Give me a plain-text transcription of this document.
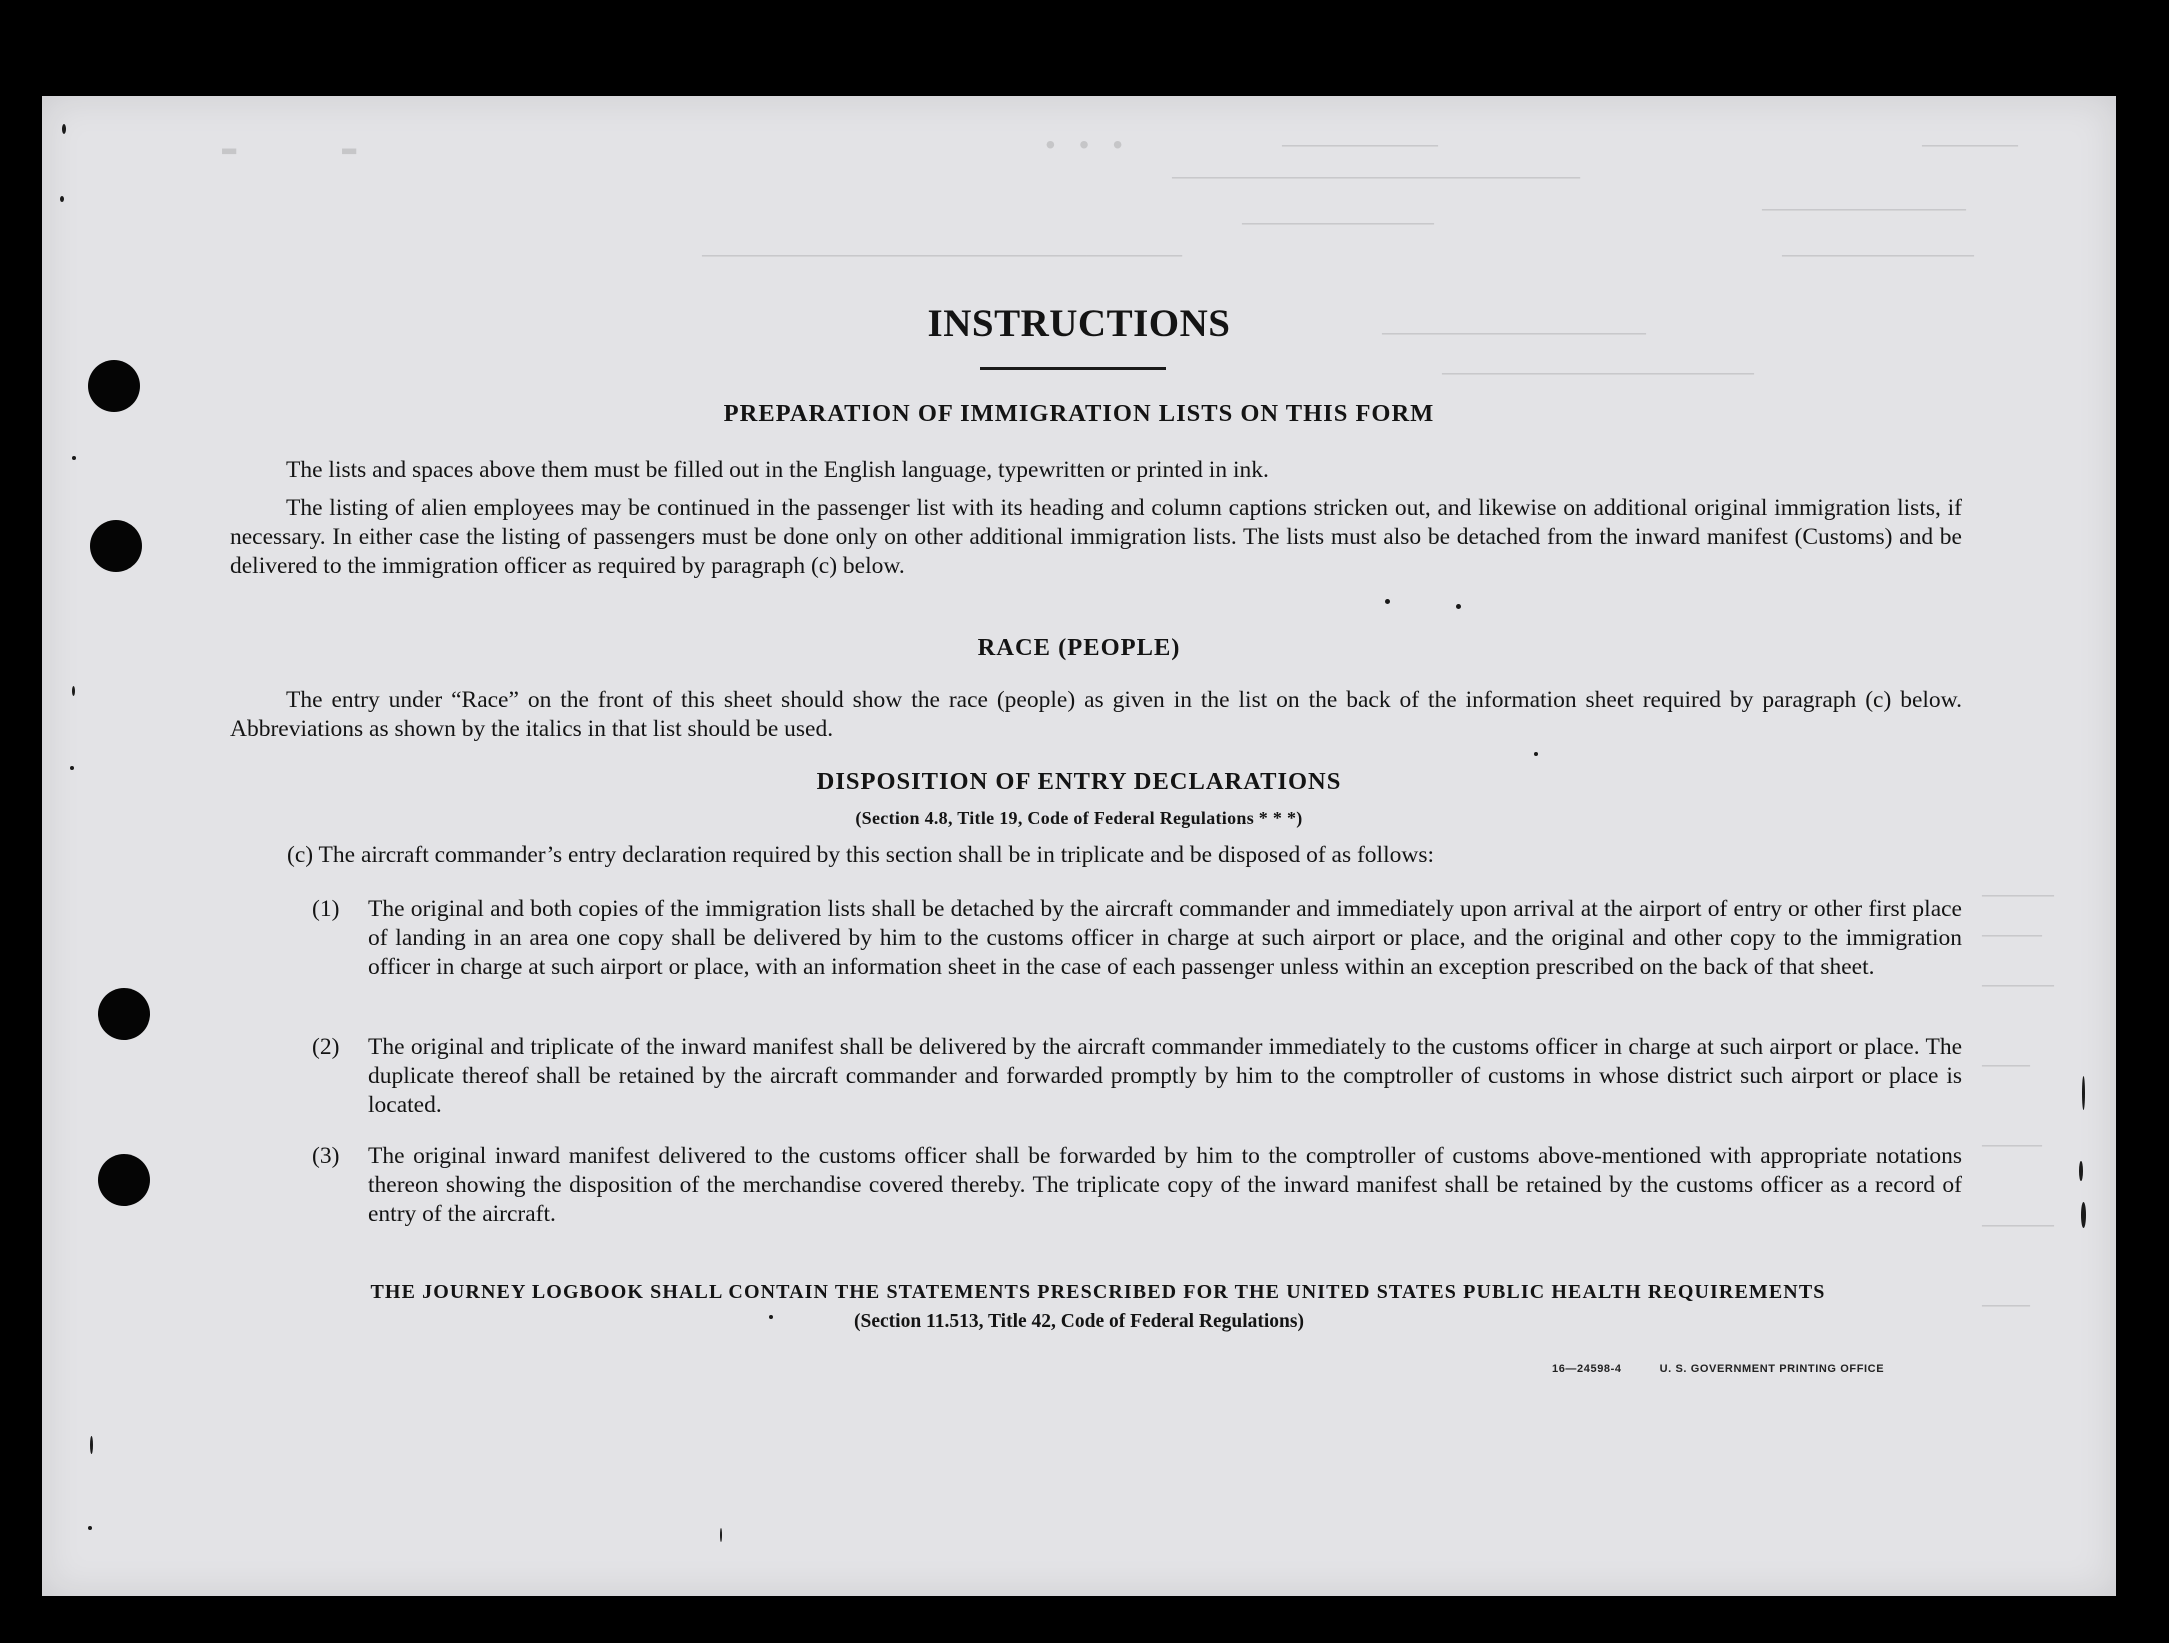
• • •
▬	▬	─────────────	────────
──────────────────────────────────
─────────────────
────────────────
────────────────────────────────────────	────────────────
──────────────────────
──────────────────────────
──────
─────
──────
────
─────
──────
────
INSTRUCTIONS
PREPARATION OF IMMIGRATION LISTS ON THIS FORM
The lists and spaces above them must be filled out in the English language, typewritten or printed in ink.
The listing of alien employees may be continued in the passenger list with its heading and column captions stricken out, and likewise on additional original immigration lists, if necessary. In either case the listing of passengers must be done only on other additional immigration lists. The lists must also be detached from the inward manifest (Customs) and be delivered to the immigration officer as required by paragraph (c) below.
RACE (PEOPLE)
The entry under “Race” on the front of this sheet should show the race (people) as given in the list on the back of the information sheet required by paragraph (c) below. Abbreviations as shown by the italics in that list should be used.
DISPOSITION OF ENTRY DECLARATIONS
(Section 4.8, Title 19, Code of Federal Regulations * * *)
(c) The aircraft commander’s entry declaration required by this section shall be in triplicate and be disposed of as follows:
(1) The original and both copies of the immigration lists shall be detached by the aircraft commander and immediately upon arrival at the airport of entry or other first place of landing in an area one copy shall be delivered by him to the customs officer in charge at such airport or place, and the original and other copy to the immigration officer in charge at such airport or place, with an information sheet in the case of each passenger unless within an exception prescribed on the back of that sheet.
(2) The original and triplicate of the inward manifest shall be delivered by the aircraft commander immediately to the customs officer in charge at such airport or place. The duplicate thereof shall be retained by the aircraft commander and forwarded promptly by him to the comptroller of customs in whose district such airport or place is located.
(3) The original inward manifest delivered to the customs officer shall be forwarded by him to the comptroller of customs above-mentioned with appropriate notations thereon showing the disposition of the merchandise covered thereby. The triplicate copy of the inward manifest shall be retained by the customs officer as a record of entry of the aircraft.
THE JOURNEY LOGBOOK SHALL CONTAIN THE STATEMENTS PRESCRIBED FOR THE UNITED STATES PUBLIC HEALTH REQUIREMENTS
(Section 11.513, Title 42, Code of Federal Regulations)
16—24598-4	U. S. GOVERNMENT PRINTING OFFICE
